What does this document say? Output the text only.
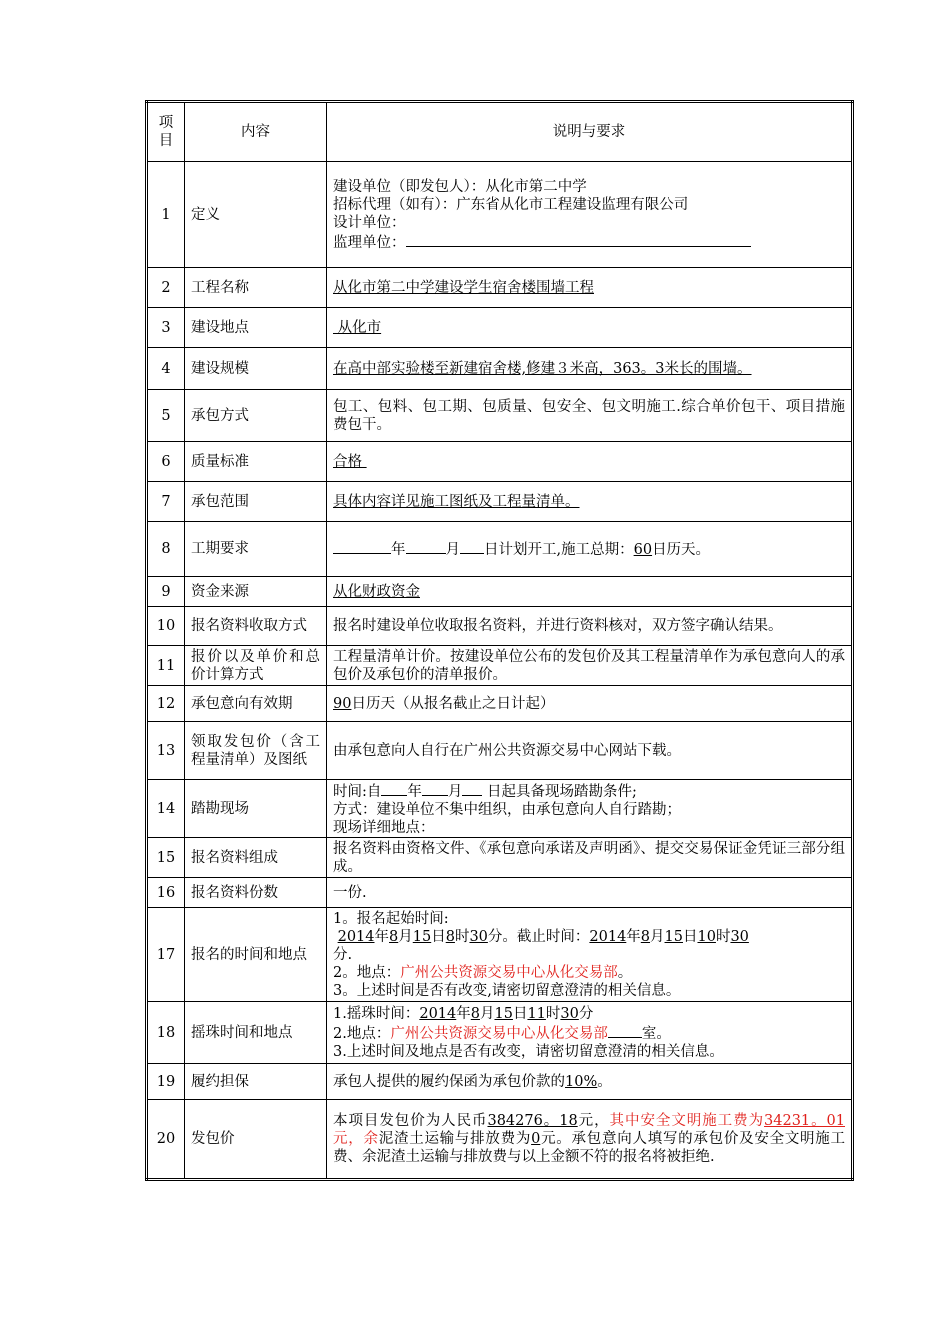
项目	内容	说明与要求
1	定义	建设单位（即发包人）：从化市第二中学
招标代理（如有）：广东省从化市工程建设监理有限公司
设计单位：
监理单位：

2	工程名称	从化市第二中学建设学生宿舍楼围墙工程
3	建设地点	从化市
4	建设规模	在高中部实验楼至新建宿舍楼,修建３米高，363。3米长的围墙。
5	承包方式	包工、包料、包工期、包质量、包安全、包文明施工.综合单价包干、项目措施费包干。
6	质量标准	合格
7	承包范围	具体内容详见施工图纸及工程量清单。
8	工期要求	年 月 日计划开工,施工总期：60日历天。
9	资金来源	从化财政资金
10	报名资料收取方式	报名时建设单位收取报名资料，并进行资料核对，双方签字确认结果。
11	报价以及单价和总价计算方式	工程量清单计价。按建设单位公布的发包价及其工程量清单作为承包意向人的承包价及承包价的清单报价。
12	承包意向有效期	90日历天（从报名截止之日计起）
13	领取发包价（含工程量清单）及图纸	由承包意向人自行在广州公共资源交易中心网站下载。
14	踏勘现场	时间:自 年 月 日起具备现场踏勘条件;
方式：建设单位不集中组织，由承包意向人自行踏勘；
现场详细地点：

15	报名资料组成	报名资料由资格文件、《承包意向承诺及声明函》、提交交易保证金凭证三部分组成。
16	报名资料份数	一份.
17	报名的时间和地点	1。报名起始时间:
2014年8月15日8时30分。截止时间：2014年8月15日10时30
分.
2。地点：广州公共资源交易中心从化交易部。
3。上述时间是否有改变,请密切留意澄清的相关信息。

18	摇珠时间和地点	1.摇珠时间：2014年8月15日11时30分
2.地点：广州公共资源交易中心从化交易部 室。
3.上述时间及地点是否有改变，请密切留意澄清的相关信息。

19	履约担保	承包人提供的履约保函为承包价款的10%。
20	发包价	本项目发包价为人民币384276。18元，其中安全文明施工费为34231。01元，余泥渣土运输与排放费为0元。承包意向人填写的承包价及安全文明施工费、余泥渣土运输与排放费与以上金额不符的报名将被拒绝.
